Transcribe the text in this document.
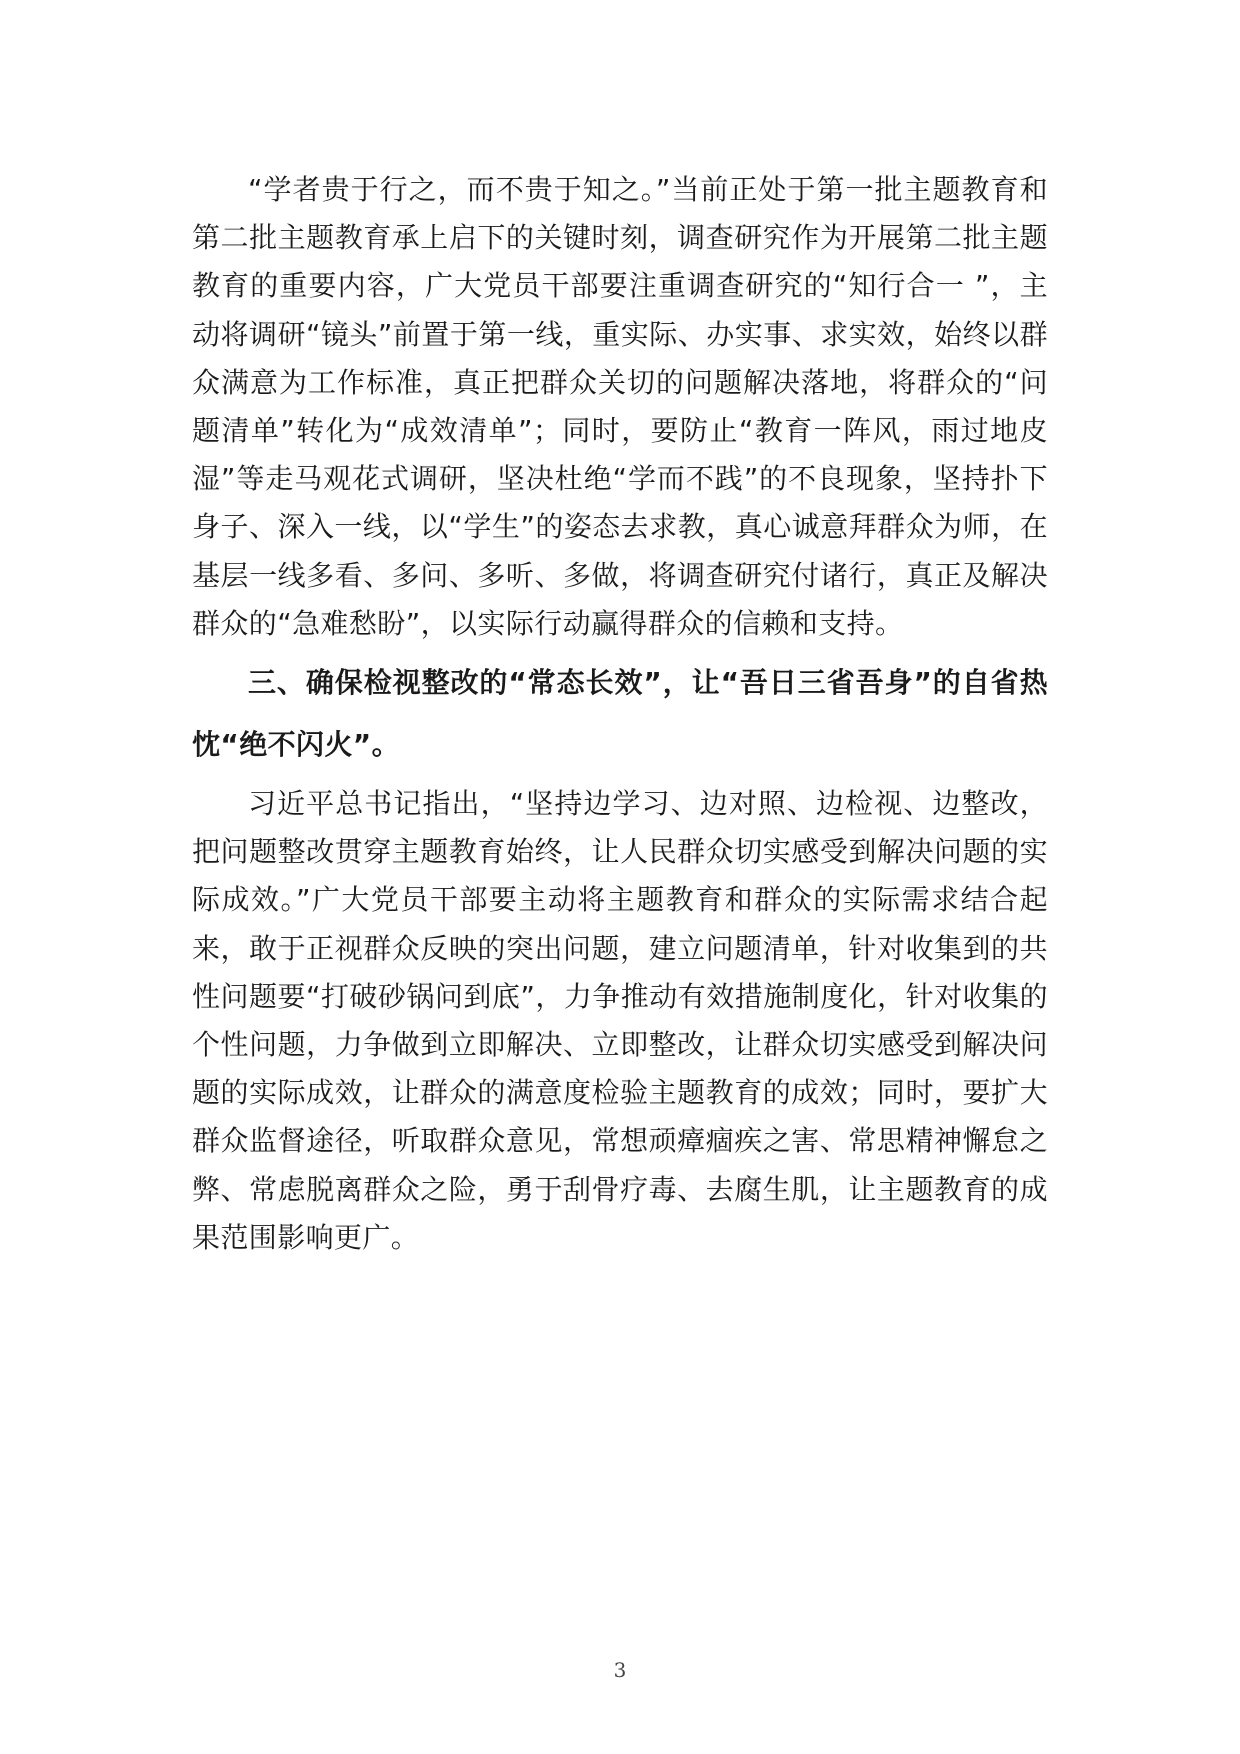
“学者贵于行之，而不贵于知之。”当前正处于第一批主题教育和第二批主题教育承上启下的关键时刻，调查研究作为开展第二批主题教育的重要内容，广大党员干部要注重调查研究的“知行合一 ”，主动将调研“镜头”前置于第一线，重实际、办实事、求实效，始终以群众满意为工作标准，真正把群众关切的问题解决落地，将群众的“问题清单”转化为“成效清单”；同时，要防止“教育一阵风，雨过地皮湿”等走马观花式调研，坚决杜绝“学而不践”的不良现象，坚持扑下身子、深入一线，以“学生”的姿态去求教，真心诚意拜群众为师，在基层一线多看、多问、多听、多做，将调查研究付诸行，真正及解决群众的“急难愁盼”，以实际行动赢得群众的信赖和支持。

三、确保检视整改的“常态长效”，让“吾日三省吾身”的自省热忱“绝不闪火”。

习近平总书记指出，“坚持边学习、边对照、边检视、边整改，把问题整改贯穿主题教育始终，让人民群众切实感受到解决问题的实际成效。”广大党员干部要主动将主题教育和群众的实际需求结合起来，敢于正视群众反映的突出问题，建立问题清单，针对收集到的共性问题要“打破砂锅问到底”，力争推动有效措施制度化，针对收集的个性问题，力争做到立即解决、立即整改，让群众切实感受到解决问题的实际成效，让群众的满意度检验主题教育的成效；同时，要扩大群众监督途径，听取群众意见，常想顽瘴痼疾之害、常思精神懈怠之弊、常虑脱离群众之险，勇于刮骨疗毒、去腐生肌，让主题教育的成果范围影响更广。

3
